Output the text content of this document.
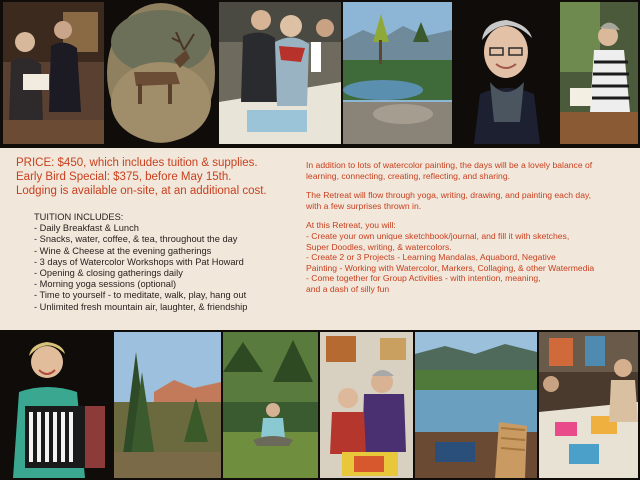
PRICE: $450, which includes tuition & supplies.
Early Bird Special: $375, before May 15th.
Lodging is available on-site, at an additional cost.
TUITION INCLUDES:
- Daily Breakfast & Lunch
- Snacks, water, coffee, & tea, throughout the day
- Wine & Cheese at the evening gatherings
- 3 days of Watercolor Workshops with Pat Howard
- Opening & closing gatherings daily
- Morning yoga sessions (optional)
- Time to yourself - to meditate, walk, play, hang out
- Unlimited fresh mountain air, laughter, & friendship

In addition to lots of watercolor painting, the days will be a lovely balance of
learning, connecting, creating, reflecting, and sharing.

The Retreat will flow through yoga, writing, drawing, and painting each day,
with a few surprises thrown in.

At this Retreat, you will:
- Create your own unique sketchbook/journal, and fill it with sketches,
Super Doodles, writing, & watercolors.
- Create 2 or 3 Projects - Learning Mandalas, Aquabord, Negative
Painting - Working with Watercolor, Markers, Collaging, & other Watermedia
- Come together for Group Activities - with intention, meaning,
and a dash of silly fun
